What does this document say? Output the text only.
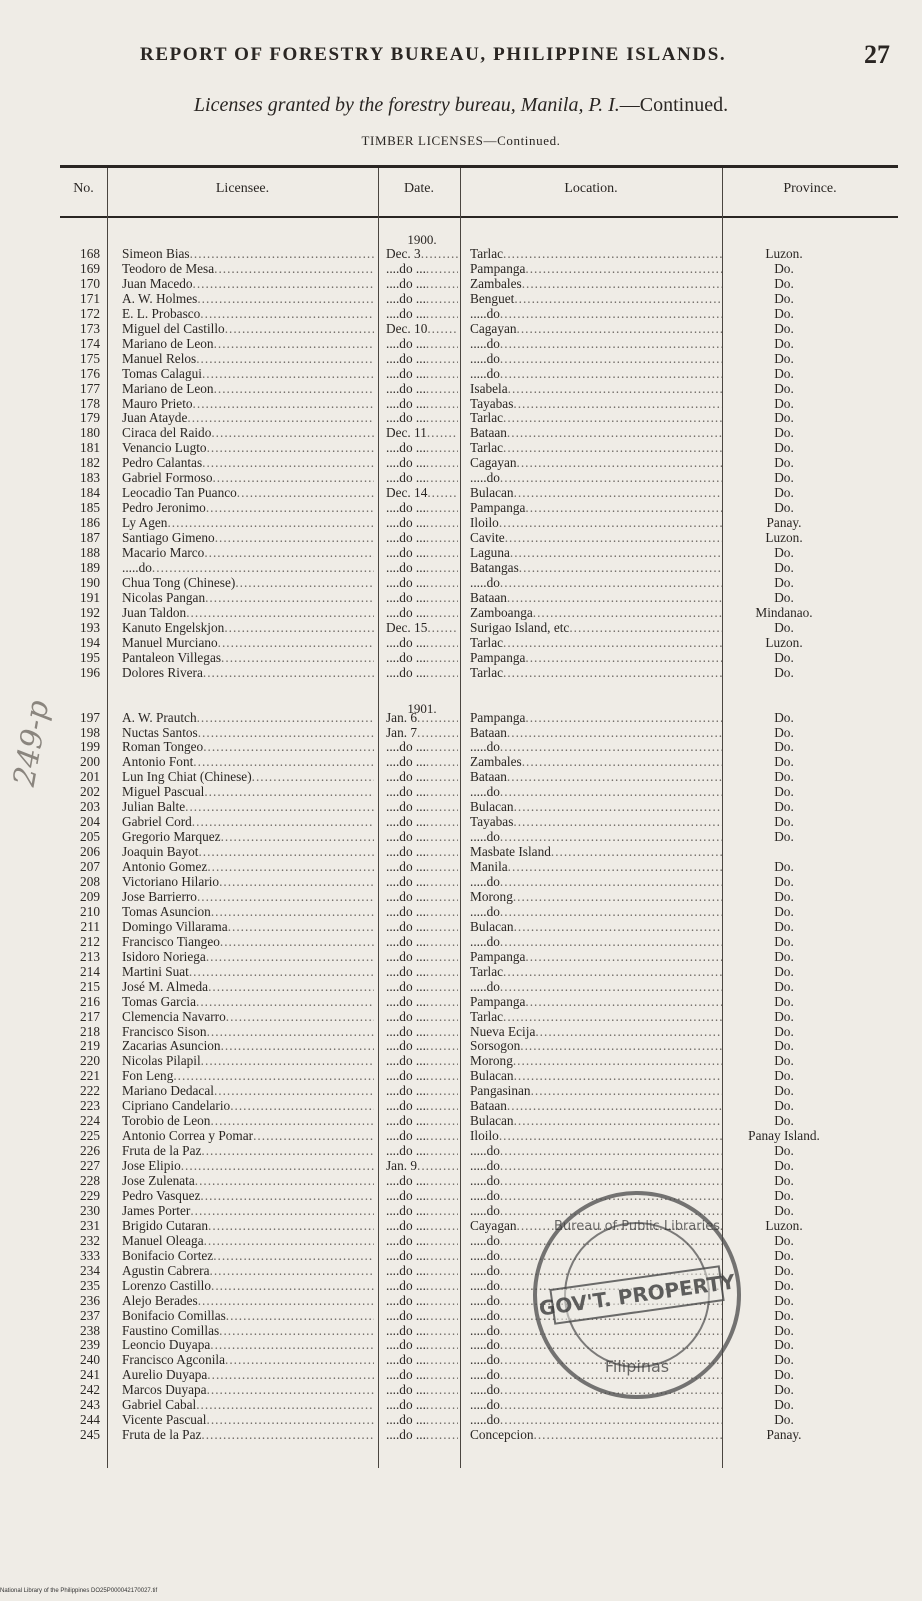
REPORT OF FORESTRY BUREAU, PHILIPPINE ISLANDS.	27
Licenses granted by the forestry bureau, Manila, P. I.—Continued.
TIMBER LICENSES—Continued.
No.	Licensee.	Date.	Location.	Province.
1900.
1901.
168 Simeon Bias .....	Dec. 3 .....	Tarlac .....	Luzon.
169 Teodoro de Mesa .....	....do ... .....	Pampanga .....	Do.
170 Juan Macedo .....	....do ... .....	Zambales .....	Do.
171 A. W. Holmes .....	....do ... .....	Benguet .....	Do.
172 E. L. Probasco .....	....do ... .....	.....do .....	Do.
173 Miguel del Castillo .....	Dec. 10 .....	Cagayan .....	Do.
174 Mariano de Leon .....	....do ... .....	.....do .....	Do.
175 Manuel Relos .....	....do ... .....	.....do .....	Do.
176 Tomas Calagui .....	....do ... .....	.....do .....	Do.
177 Mariano de Leon .....	....do ... .....	Isabela .....	Do.
178 Mauro Prieto .....	....do ... .....	Tayabas .....	Do.
179 Juan Atayde .....	....do ... .....	Tarlac .....	Do.
180 Ciraca del Raido .....	Dec. 11 .....	Bataan .....	Do.
181 Venancio Lugto .....	....do ... .....	Tarlac .....	Do.
182 Pedro Calantas .....	....do ... .....	Cagayan .....	Do.
183 Gabriel Formoso .....	....do ... .....	.....do .....	Do.
184 Leocadio Tan Puanco .....	Dec. 14 .....	Bulacan .....	Do.
185 Pedro Jeronimo .....	....do ... .....	Pampanga .....	Do.
186 Ly Agen .....	....do ... .....	Iloilo .....	Panay.
187 Santiago Gimeno .....	....do ... .....	Cavite .....	Luzon.
188 Macario Marco .....	....do ... .....	Laguna .....	Do.
189 .....do .....	....do ... .....	Batangas .....	Do.
190 Chua Tong (Chinese) .....	....do ... .....	.....do .....	Do.
191 Nicolas Pangan .....	....do ... .....	Bataan .....	Do.
192 Juan Taldon .....	....do ... .....	Zamboanga .....	Mindanao.
193 Kanuto Engelskjon .....	Dec. 15 .....	Surigao Island, etc .....	Do.
194 Manuel Murciano .....	....do ... .....	Tarlac .....	Luzon.
195 Pantaleon Villegas .....	....do ... .....	Pampanga .....	Do.
196 Dolores Rivera .....	....do ... .....	Tarlac .....	Do.
197 A. W. Prautch .....	Jan. 6 .....	Pampanga .....	Do.
198 Nuctas Santos .....	Jan. 7 .....	Bataan .....	Do.
199 Roman Tongeo .....	....do ... .....	.....do .....	Do.
200 Antonio Font .....	....do ... .....	Zambales .....	Do.
201 Lun Ing Chiat (Chinese) .....	....do ... .....	Bataan .....	Do.
202 Miguel Pascual .....	....do ... .....	.....do .....	Do.
203 Julian Balte .....	....do ... .....	Bulacan .....	Do.
204 Gabriel Cord .....	....do ... .....	Tayabas .....	Do.
205 Gregorio Marquez .....	....do ... .....	.....do .....	Do.
206 Joaquin Bayot .....	....do ... .....	Masbate Island .....
207 Antonio Gomez .....	....do ... .....	Manila .....	Do.
208 Victoriano Hilario .....	....do ... .....	.....do .....	Do.
209 Jose Barrierro .....	....do ... .....	Morong .....	Do.
210 Tomas Asuncion .....	....do ... .....	.....do .....	Do.
211 Domingo Villarama .....	....do ... .....	Bulacan .....	Do.
212 Francisco Tiangeo .....	....do ... .....	.....do .....	Do.
213 Isidoro Noriega .....	....do ... .....	Pampanga .....	Do.
214 Martini Suat .....	....do ... .....	Tarlac .....	Do.
215 José M. Almeda .....	....do ... .....	.....do .....	Do.
216 Tomas Garcia .....	....do ... .....	Pampanga .....	Do.
217 Clemencia Navarro .....	....do ... .....	Tarlac .....	Do.
218 Francisco Sison .....	....do ... .....	Nueva Ecija .....	Do.
219 Zacarias Asuncion .....	....do ... .....	Sorsogon .....	Do.
220 Nicolas Pilapil .....	....do ... .....	Morong .....	Do.
221 Fon Leng .....	....do ... .....	Bulacan .....	Do.
222 Mariano Dedacal .....	....do ... .....	Pangasinan .....	Do.
223 Cipriano Candelario .....	....do ... .....	Bataan .....	Do.
224 Torobio de Leon .....	....do ... .....	Bulacan .....	Do.
225 Antonio Correa y Pomar .....	....do ... .....	Iloilo .....	Panay Island.
226 Fruta de la Paz .....	....do ... .....	.....do .....	Do.
227 Jose Elipio .....	Jan. 9 .....	.....do .....	Do.
228 Jose Zulenata .....	....do ... .....	.....do .....	Do.
229 Pedro Vasquez .....	....do ... .....	.....do .....	Do.
230 James Porter .....	....do ... .....	.....do .....	Do.
231 Brigido Cutaran .....	....do ... .....	Cayagan .....	Luzon.
232 Manuel Oleaga .....	....do ... .....	.....do .....	Do.
333 Bonifacio Cortez .....	....do ... .....	.....do .....	Do.
234 Agustin Cabrera .....	....do ... .....	.....do .....	Do.
235 Lorenzo Castillo .....	....do ... .....	.....do .....	Do.
236 Alejo Berades .....	....do ... .....	.....do .....	Do.
237 Bonifacio Comillas .....	....do ... .....	.....do .....	Do.
238 Faustino Comillas .....	....do ... .....	.....do .....	Do.
239 Leoncio Duyapa .....	....do ... .....	.....do .....	Do.
240 Francisco Agconila .....	....do ... .....	.....do .....	Do.
241 Aurelio Duyapa .....	....do ... .....	.....do .....	Do.
242 Marcos Duyapa .....	....do ... .....	.....do .....	Do.
243 Gabriel Cabal .....	....do ... .....	.....do .....	Do.
244 Vicente Pascual .....	....do ... .....	.....do .....	Do.
245 Fruta de la Paz .....	....do ... .....	Concepcion .....	Panay.
GOV'T. PROPERTY
Bureau of Public Libraries
Filipinas
249-p
National Library of the Philippines DO25P000042170027.tif
